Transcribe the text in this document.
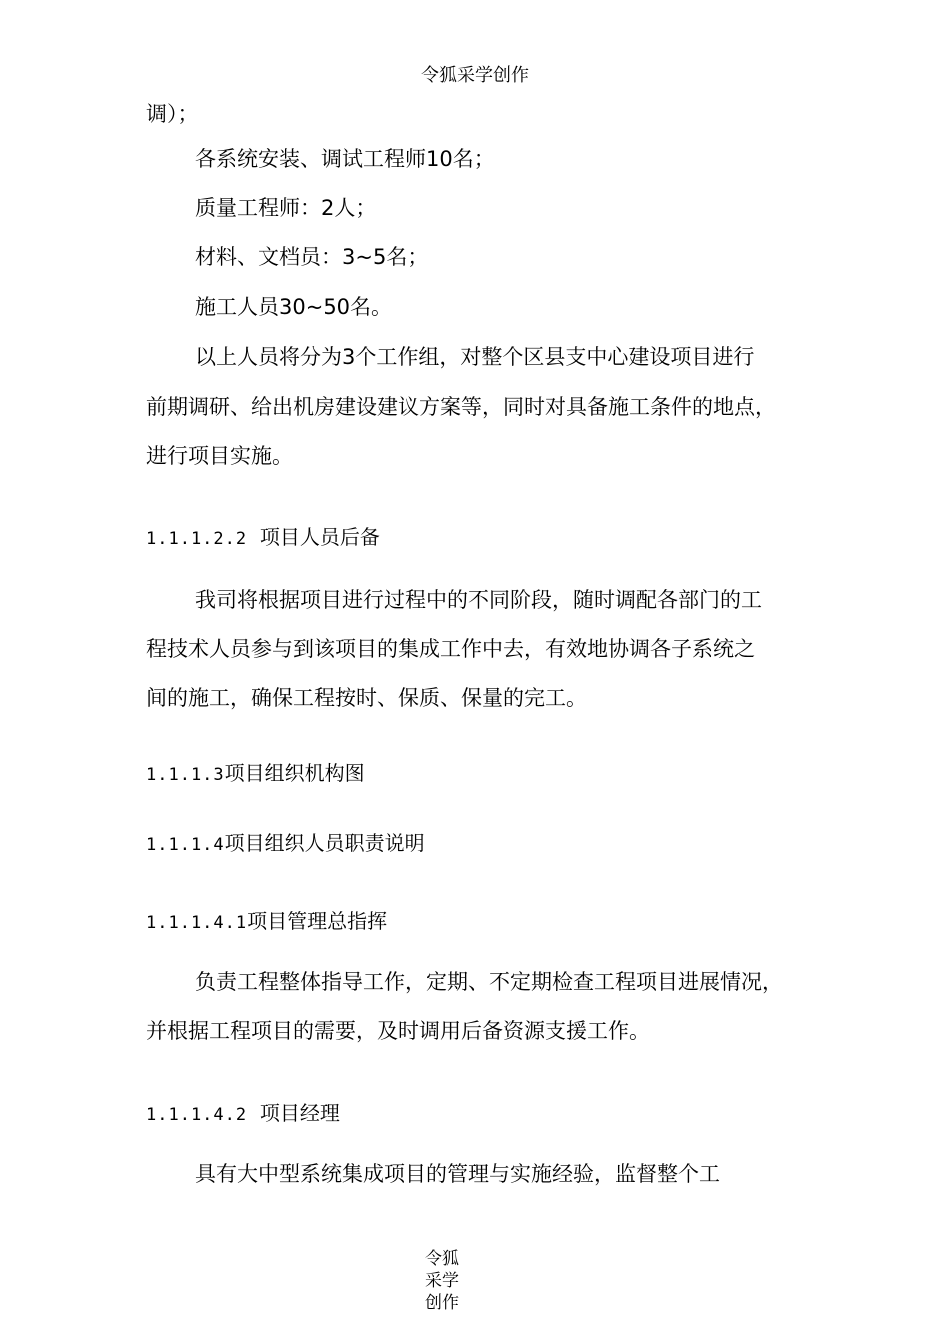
令狐采学创作
调）；
各系统安装、调试工程师10名；
质量工程师：2人；
材料、文档员：3~5名；
施工人员30~50名。
以上人员将分为3个工作组，对整个区县支中心建设项目进行
前期调研、给出机房建设建议方案等，同时对具备施工条件的地点，
进行项目实施。
1.1.1.2.2 项目人员后备
我司将根据项目进行过程中的不同阶段，随时调配各部门的工
程技术人员参与到该项目的集成工作中去，有效地协调各子系统之
间的施工，确保工程按时、保质、保量的完工。
1.1.1.3项目组织机构图
1.1.1.4项目组织人员职责说明
1.1.1.4.1项目管理总指挥
负责工程整体指导工作，定期、不定期检查工程项目进展情况，
并根据工程项目的需要，及时调用后备资源支援工作。
1.1.1.4.2 项目经理
具有大中型系统集成项目的管理与实施经验，监督整个工
令狐
采学
创作
